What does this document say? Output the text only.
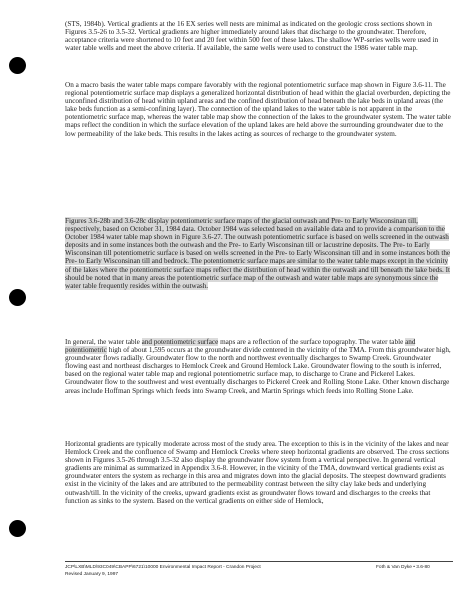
(STS, 1984b). Vertical gradients at the 16 EX series well nests are minimal as indicated on the geologic cross sections shown in Figures 3.5-26 to 3.5-32. Vertical gradients are higher immediately around lakes that discharge to the groundwater. Therefore, acceptance criteria were shortened to 10 feet and 20 feet within 500 feet of these lakes. The shallow WP-series wells were used in water table wells and meet the above criteria. If available, the same wells were used to construct the 1986 water table map.

On a macro basis the water table maps compare favorably with the regional potentiometric surface map shown in Figure 3.6-11. The regional potentiometric surface map displays a generalized horizontal distribution of head within the glacial overburden, depicting the unconfined distribution of head within upland areas and the confined distribution of head beneath the lake beds in upland areas (the lake beds function as a semi-confining layer). The connection of the upland lakes to the water table is not apparent in the potentiometric surface map, whereas the water table map show the connection of the lakes to the groundwater system. The water table maps reflect the condition in which the surface elevation of the upland lakes are held above the surrounding groundwater due to the low permeability of the lake beds. This results in the lakes acting as sources of recharge to the groundwater system.

Figures 3.6-28b and 3.6-28c display potentiometric surface maps of the glacial outwash and Pre- to Early Wisconsinan till, respectively, based on October 31, 1984 data. October 1984 was selected based on available data and to provide a comparison to the October 1984 water table map shown in Figure 3.6-27. The outwash potentiometric surface is based on wells screened in the outwash deposits and in some instances both the outwash and the Pre- to Early Wisconsinan till or lacustrine deposits. The Pre- to Early Wisconsinan till potentiometric surface is based on wells screened in the Pre- to Early Wisconsinan till and in some instances both the Pre- to Early Wisconsinan till and bedrock. The potentiometric surface maps are similar to the water table maps except in the vicinity of the lakes where the potentiometric surface maps reflect the distribution of head within the outwash and till beneath the lake beds. It should be noted that in many areas the potentiometric surface map of the outwash and water table maps are synonymous since the water table frequently resides within the outwash.

In general, the water table and potentiometric surface maps are a reflection of the surface topography. The water table and potentiometric high of about 1,595 occurs at the groundwater divide centered in the vicinity of the TMA. From this groundwater high, groundwater flows radially. Groundwater flow to the north and northwest eventually discharges to Swamp Creek. Groundwater flowing east and northeast discharges to Hemlock Creek and Ground Hemlock Lake. Groundwater flowing to the south is inferred, based on the regional water table map and regional potentiometric surface map, to discharge to Crane and Pickerel Lakes. Groundwater flow to the southwest and west eventually discharges to Pickerel Creek and Rolling Stone Lake. Other known discharge areas include Hoffman Springs which feeds into Swamp Creek, and Martin Springs which feeds into Rolling Stone Lake.

Horizontal gradients are typically moderate across most of the study area. The exception to this is in the vicinity of the lakes and near Hemlock Creek and the confluence of Swamp and Hemlock Creeks where steep horizontal gradients are observed. The cross sections shown in Figures 3.5-26 through 3.5-32 also display the groundwater flow system from a vertical perspective. In general vertical gradients are minimal as summarized in Appendix 3.6-8. However, in the vicinity of the TMA, downward vertical gradients exist as groundwater enters the system as recharge in this area and migrates down into the glacial deposits. The steepest downward gradients exist in the vicinity of the lakes and are attributed to the permeability contrast between the silty clay lake beds and underlying outwash/till. In the vicinity of the creeks, upward gradients exist as groundwater flows toward and discharges to the creeks that function as sinks to the system. Based on the vertical gradients on either side of Hemlock,

JCP\LXB\MLD\93C049\CBAPP\6721\10000 Environmental Impact Report - Crandon Project

Revised January 9, 1997

Foth & Van Dyke • 3.6-80
